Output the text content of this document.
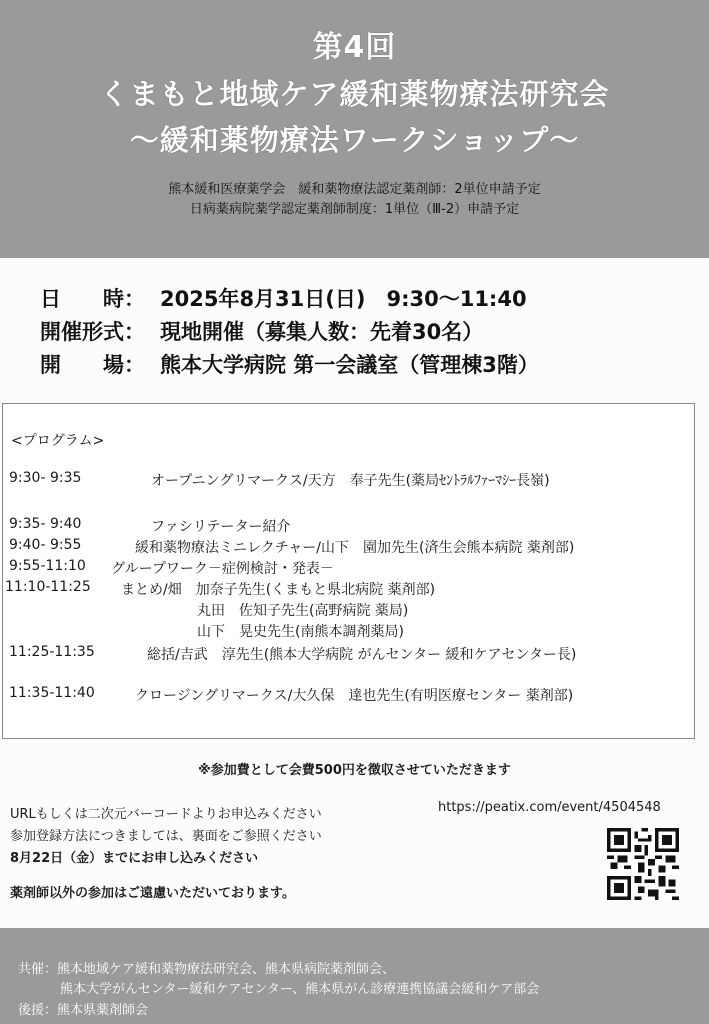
第4回
くまもと地域ケア緩和薬物療法研究会
～緩和薬物療法ワークショップ～
熊本緩和医療薬学会　緩和薬物療法認定薬剤師：2単位申請予定
日病薬病院薬学認定薬剤師制度：1単位（Ⅲ-2）申請予定
日　　時： 2025年8月31日(日)　9:30～11:40
開催形式： 現地開催（募集人数：先着30名）
開　　場： 熊本大学病院 第一会議室（管理棟3階）
<プログラム>
9:30- 9:35	オープニングリマークス/天方　奉子先生(薬局ｾﾝﾄﾗﾙﾌｧｰﾏｼｰ長嶺)
9:35- 9:40	ファシリテーター紹介
9:40- 9:55	緩和薬物療法ミニレクチャー/山下　園加先生(済生会熊本病院 薬剤部)
9:55-11:10 グループワーク－症例検討・発表－
11:10-11:25 まとめ/畑　加奈子先生(くまもと県北病院 薬剤部)
丸田　佐知子先生(高野病院 薬局)
山下　晃史先生(南熊本調剤薬局)
11:25-11:35	総括/吉武　淳先生(熊本大学病院 がんセンター 緩和ケアセンター長)
11:35-11:40	クロージングリマークス/大久保　達也先生(有明医療センター 薬剤部)
※参加費として会費500円を徴収させていただきます
URLもしくは二次元バーコードよりお申込みください
参加登録方法につきましては、裏面をご参照ください
8月22日（金）までにお申し込みください
薬剤師以外の参加はご遠慮いただいております。
https://peatix.com/event/4504548
共催：熊本地域ケア緩和薬物療法研究会、熊本県病院薬剤師会、
熊本大学がんセンター緩和ケアセンター、熊本県がん診療連携協議会緩和ケア部会
後援：熊本県薬剤師会
